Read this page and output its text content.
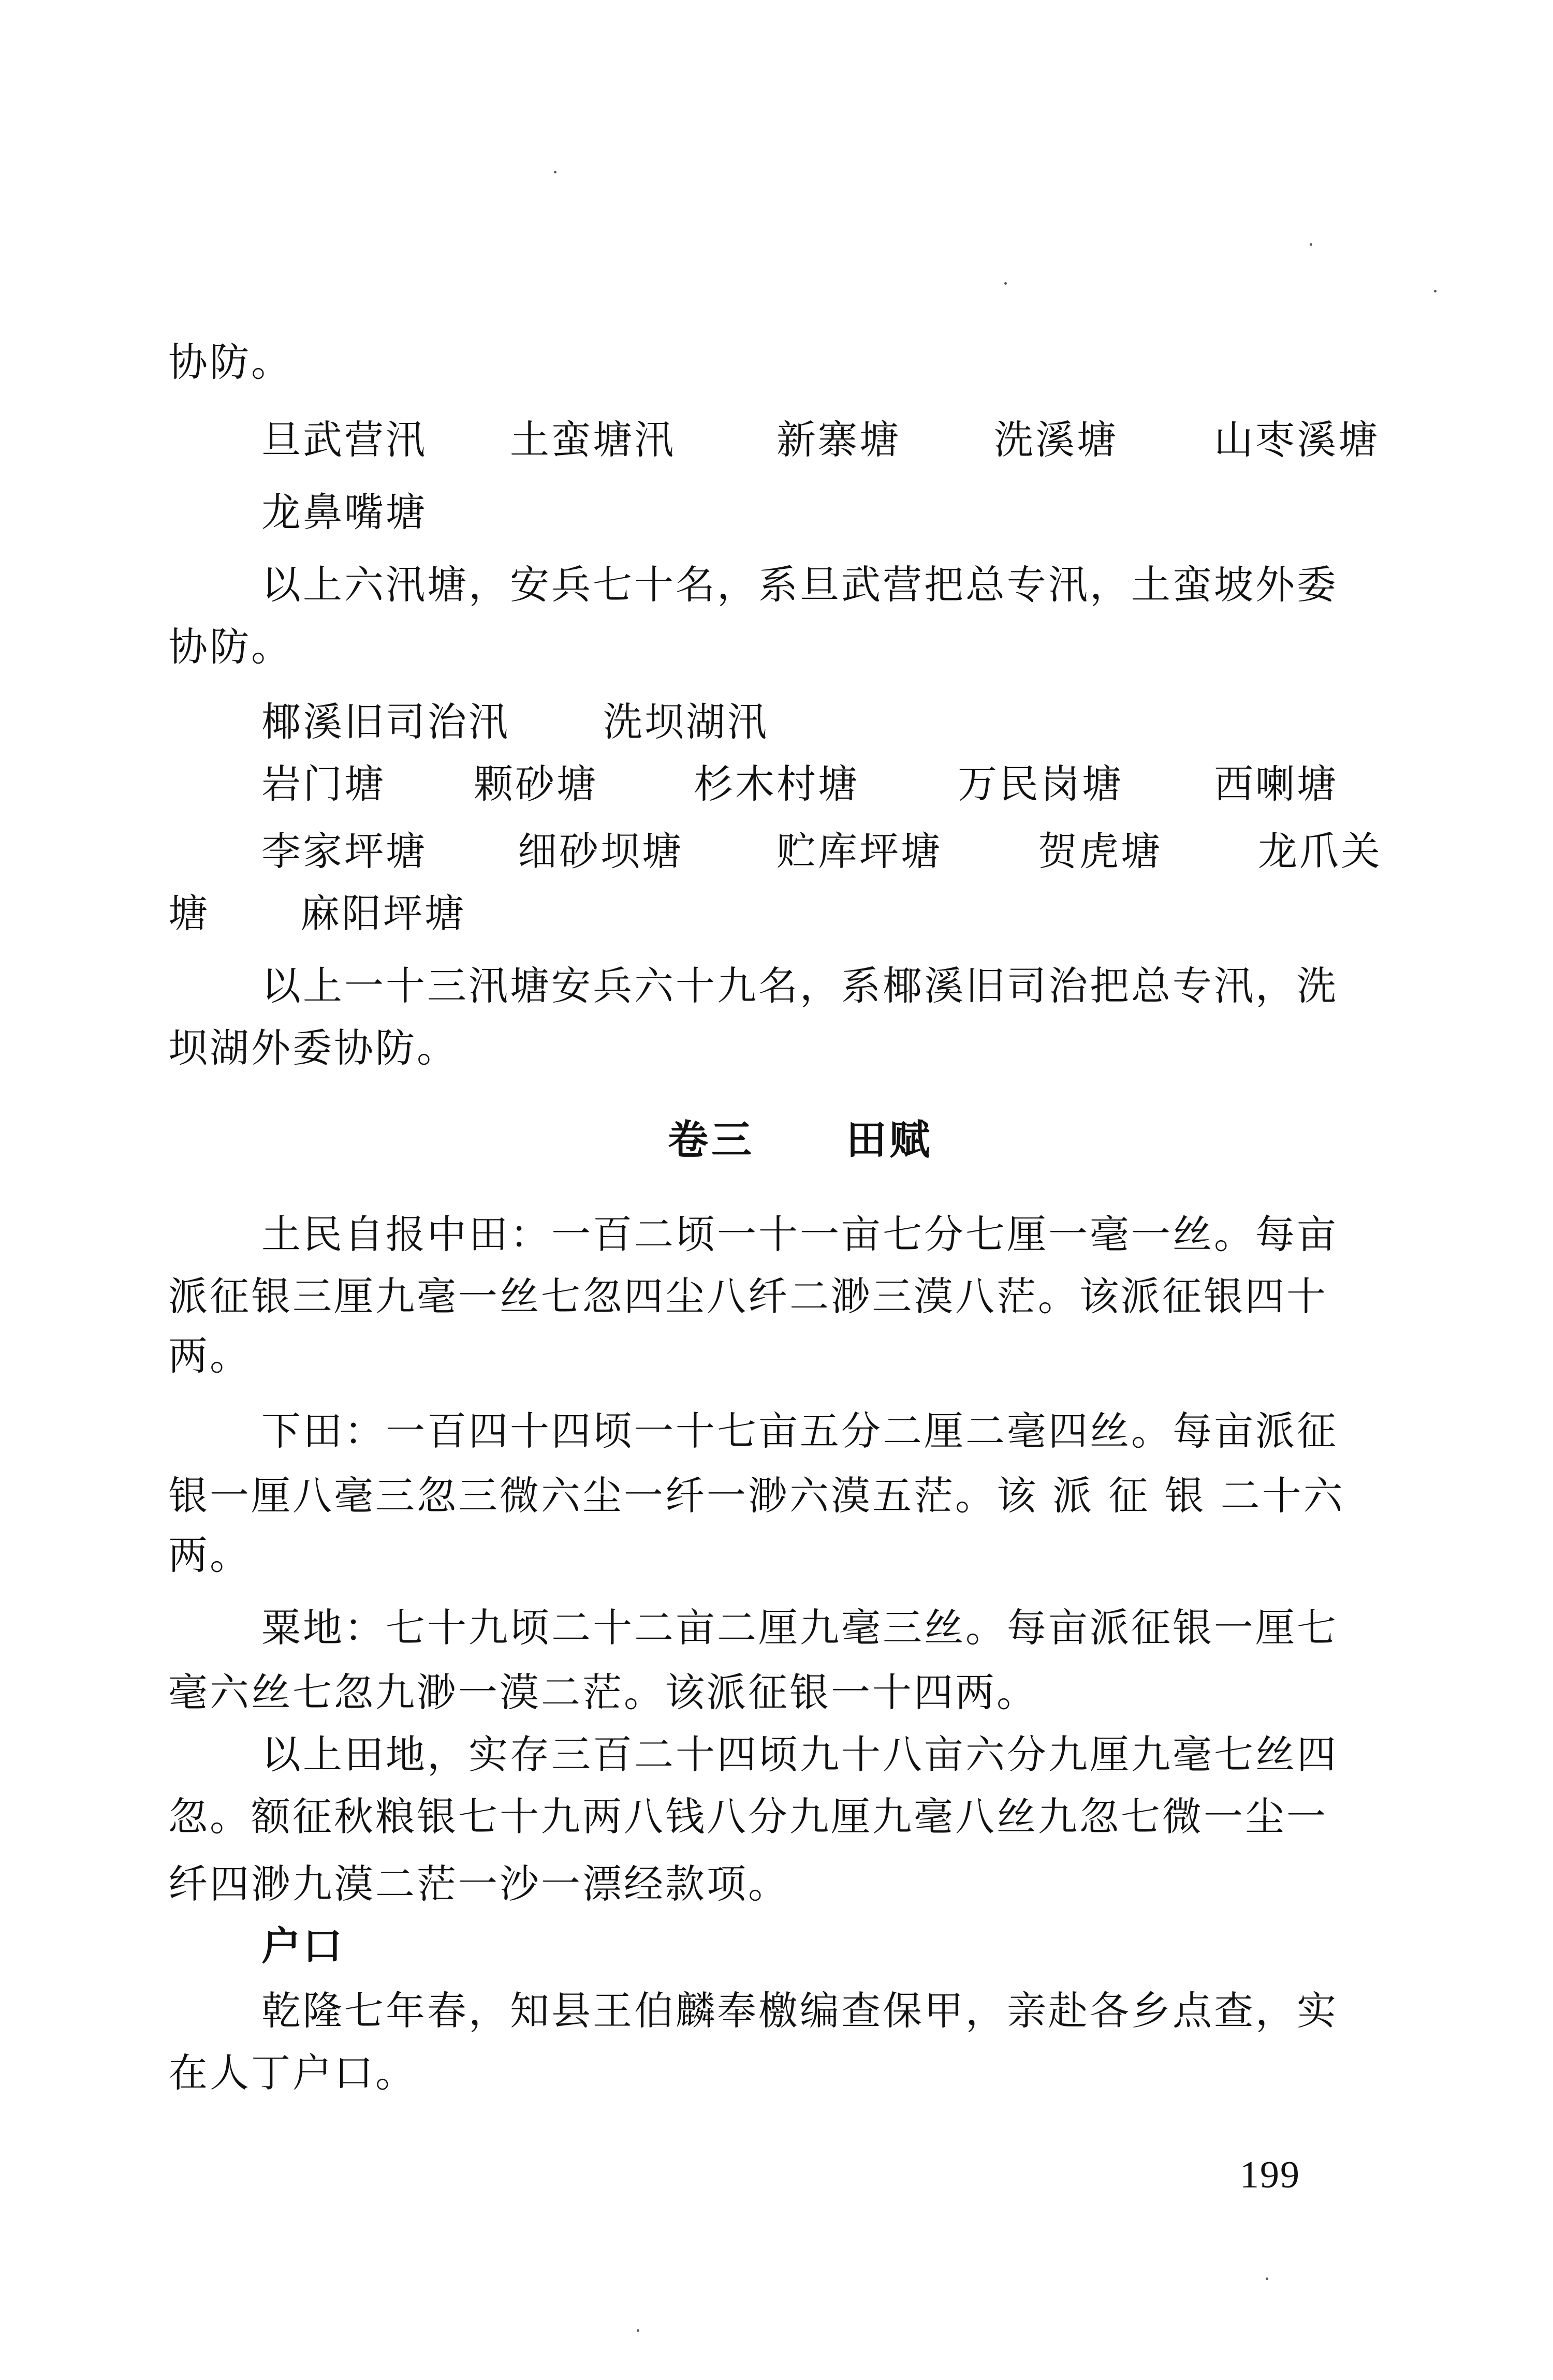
协防。
旦武营汛 土蛮塘汛	新寨塘 洗溪塘 山枣溪塘
龙鼻嘴塘
以上六汛塘，安兵七十名，系旦武营把总专汛，土蛮坡外委
协防。
椰溪旧司治汛 洗坝湖汛
岩门塘 颗砂塘 杉木村塘	万民岗塘 西喇塘
李家坪塘 细砂坝塘 贮库坪塘 贺虎塘 龙爪关
塘 麻阳坪塘
以上一十三汛塘安兵六十九名，系椰溪旧司治把总专汛，洗
坝湖外委协防。
卷三 田赋
土民自报中田：一百二顷一十一亩七分七厘一毫一丝。每亩
派征银三厘九毫一丝七忽四尘八纤二渺三漠八茫。该派征银四十
两。
下田：一百四十四顷一十七亩五分二厘二毫四丝。每亩派征
银一厘八毫三忽三微六尘一纤一渺六漠五茫。该 派 征 银 二十六
两。
粟地：七十九顷二十二亩二厘九毫三丝。每亩派征银一厘七
毫六丝七忽九渺一漠二茫。该派征银一十四两。
以上田地，实存三百二十四顷九十八亩六分九厘九毫七丝四
忽。额征秋粮银七十九两八钱八分九厘九毫八丝九忽七微一尘一
纤四渺九漠二茫一沙一漂经款项。
户口
乾隆七年春，知县王伯麟奉檄编查保甲，亲赴各乡点查，实
在人丁户口。
199
